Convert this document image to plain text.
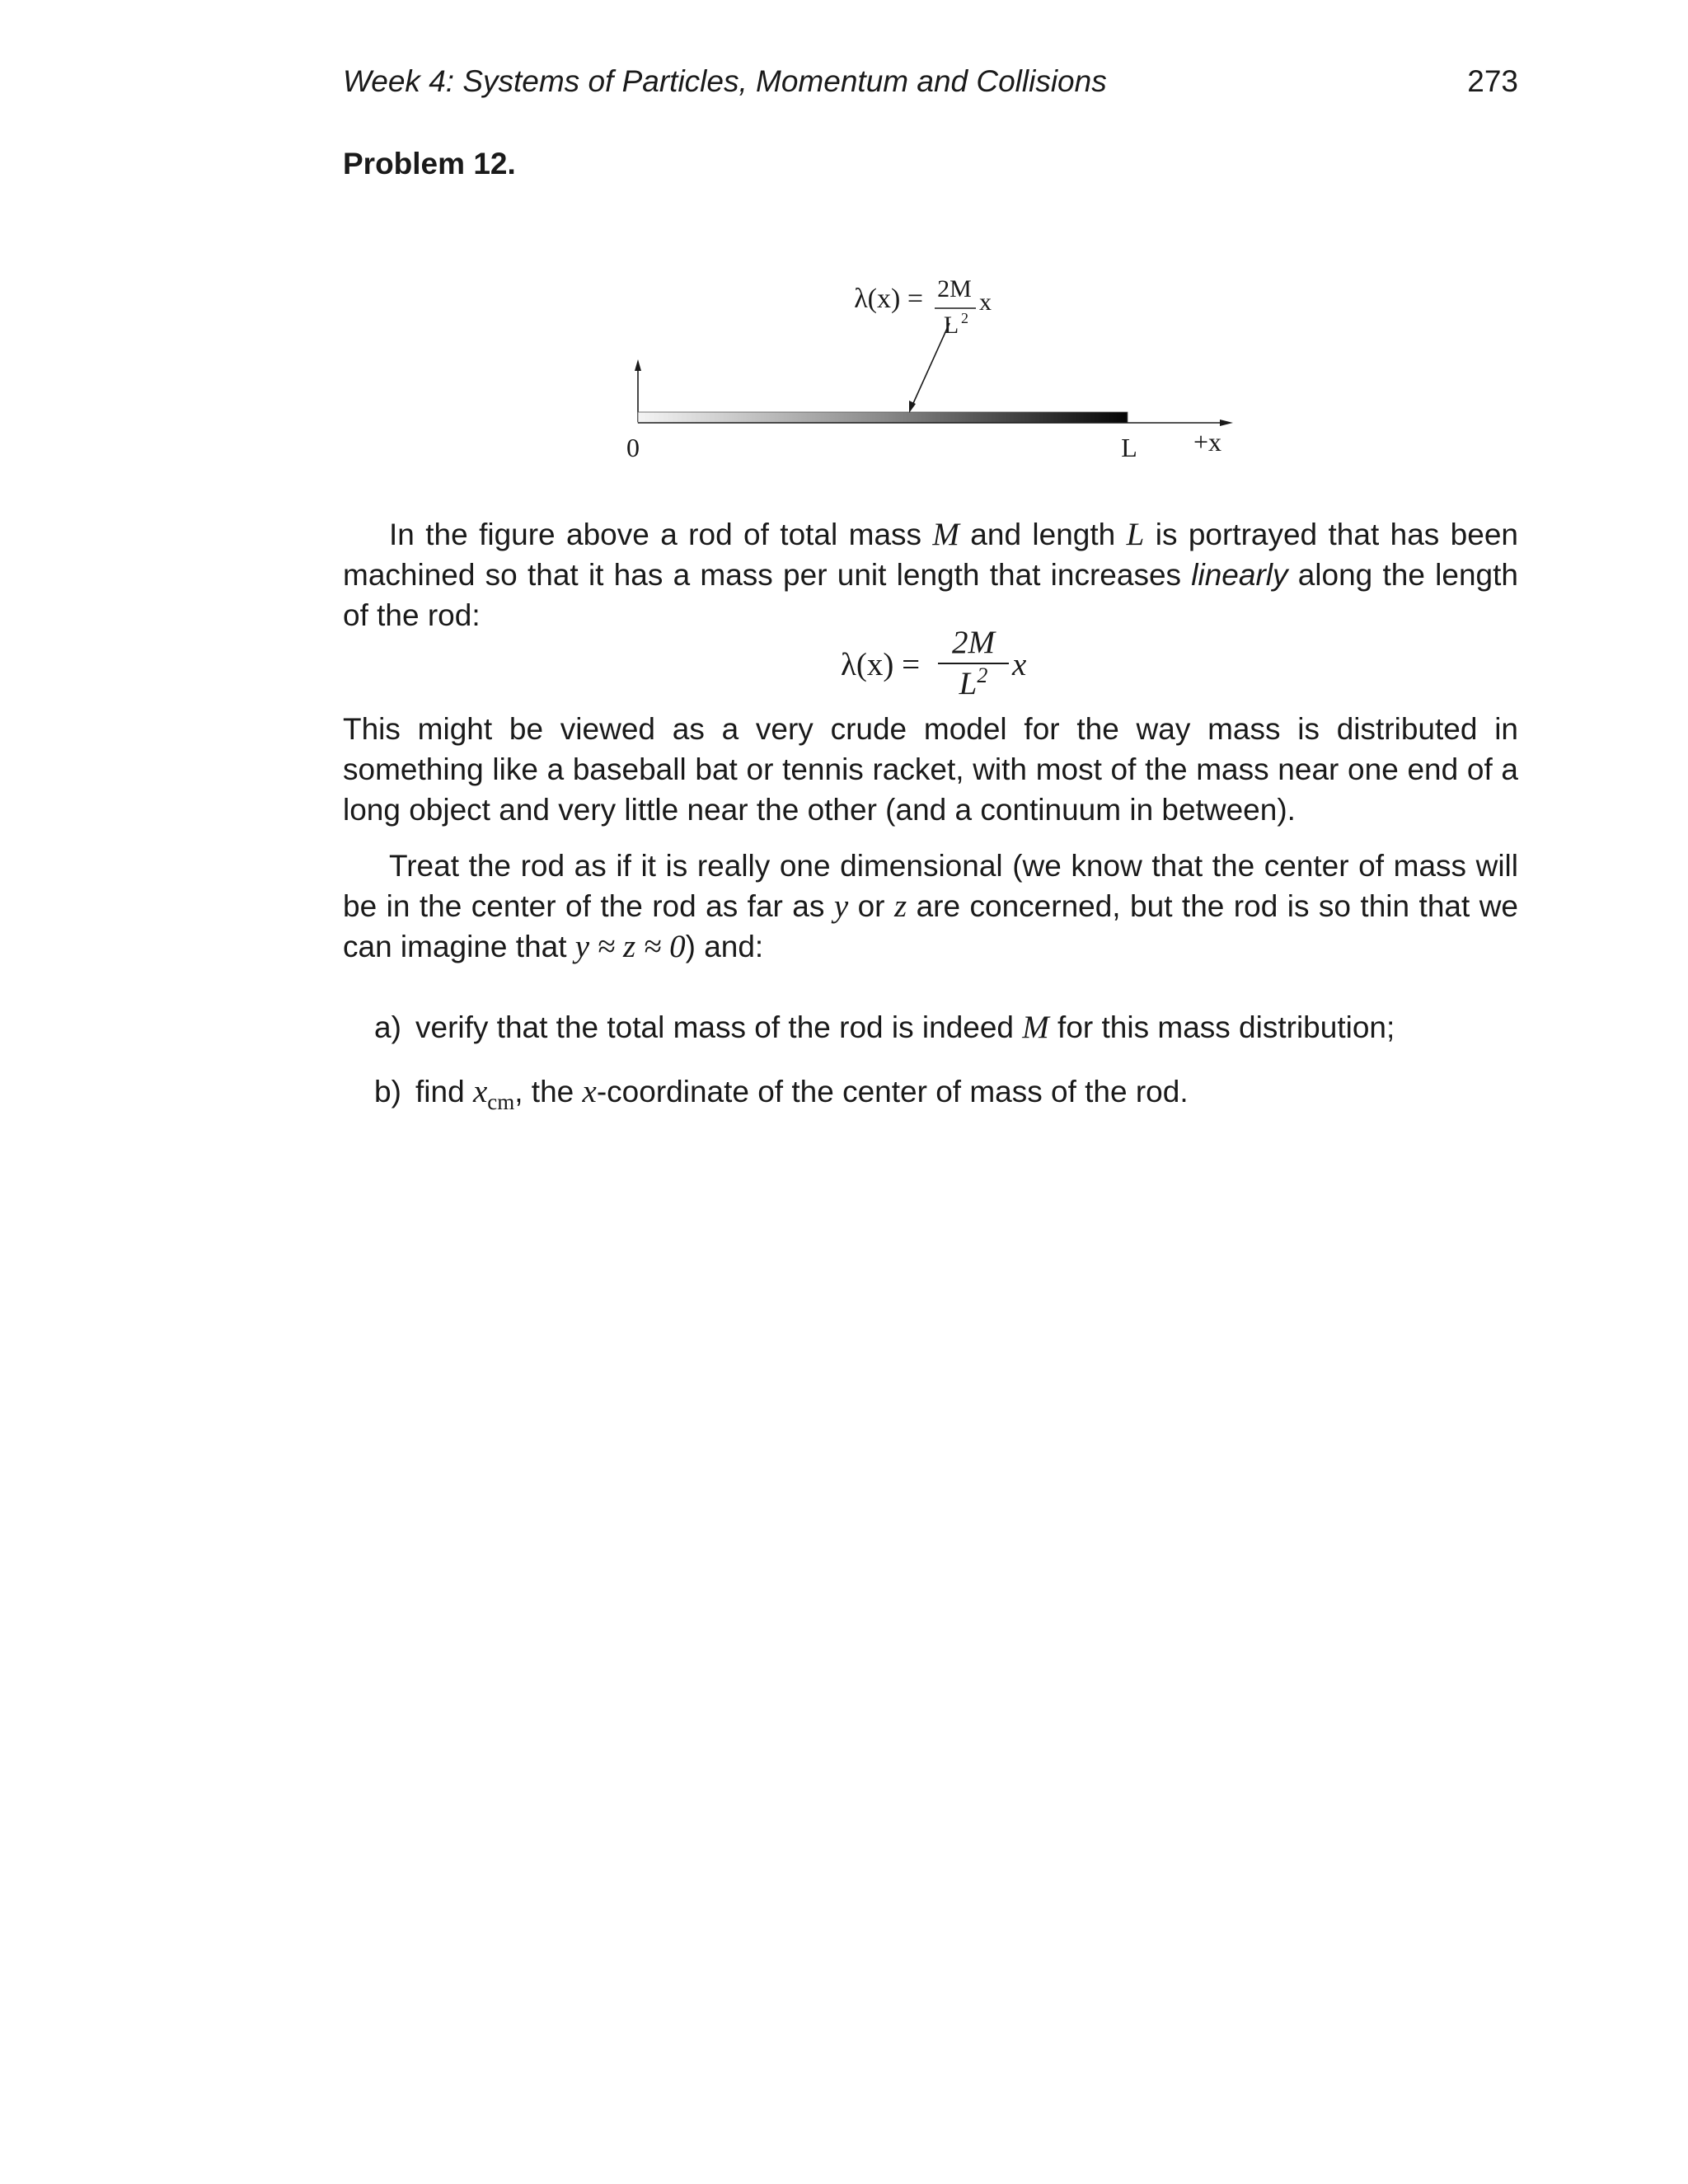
Week 4: Systems of Particles, Momentum and Collisions	273
Problem 12.
λ(x) = 2M
L 2
x
0	L +x
In the figure above a rod of total mass M and length L is portrayed that has been machined so that it has a mass per unit length that increases linearly along the length of the rod:
λ(x) =
2M
$L^2$ x
This might be viewed as a very crude model for the way mass is distributed in something like a baseball bat or tennis racket, with most of the mass near one end of a long object and very little near the other (and a continuum in between).
Treat the rod as if it is really one dimensional (we know that the center of mass will be in the center of the rod as far as y or z are concerned, but the rod is so thin that we can imagine that y ≈ z ≈ 0) and:
a) verify that the total mass of the rod is indeed M for this mass distribution;
b) find $x_{cm}$, the x-coordinate of the center of mass of the rod.
